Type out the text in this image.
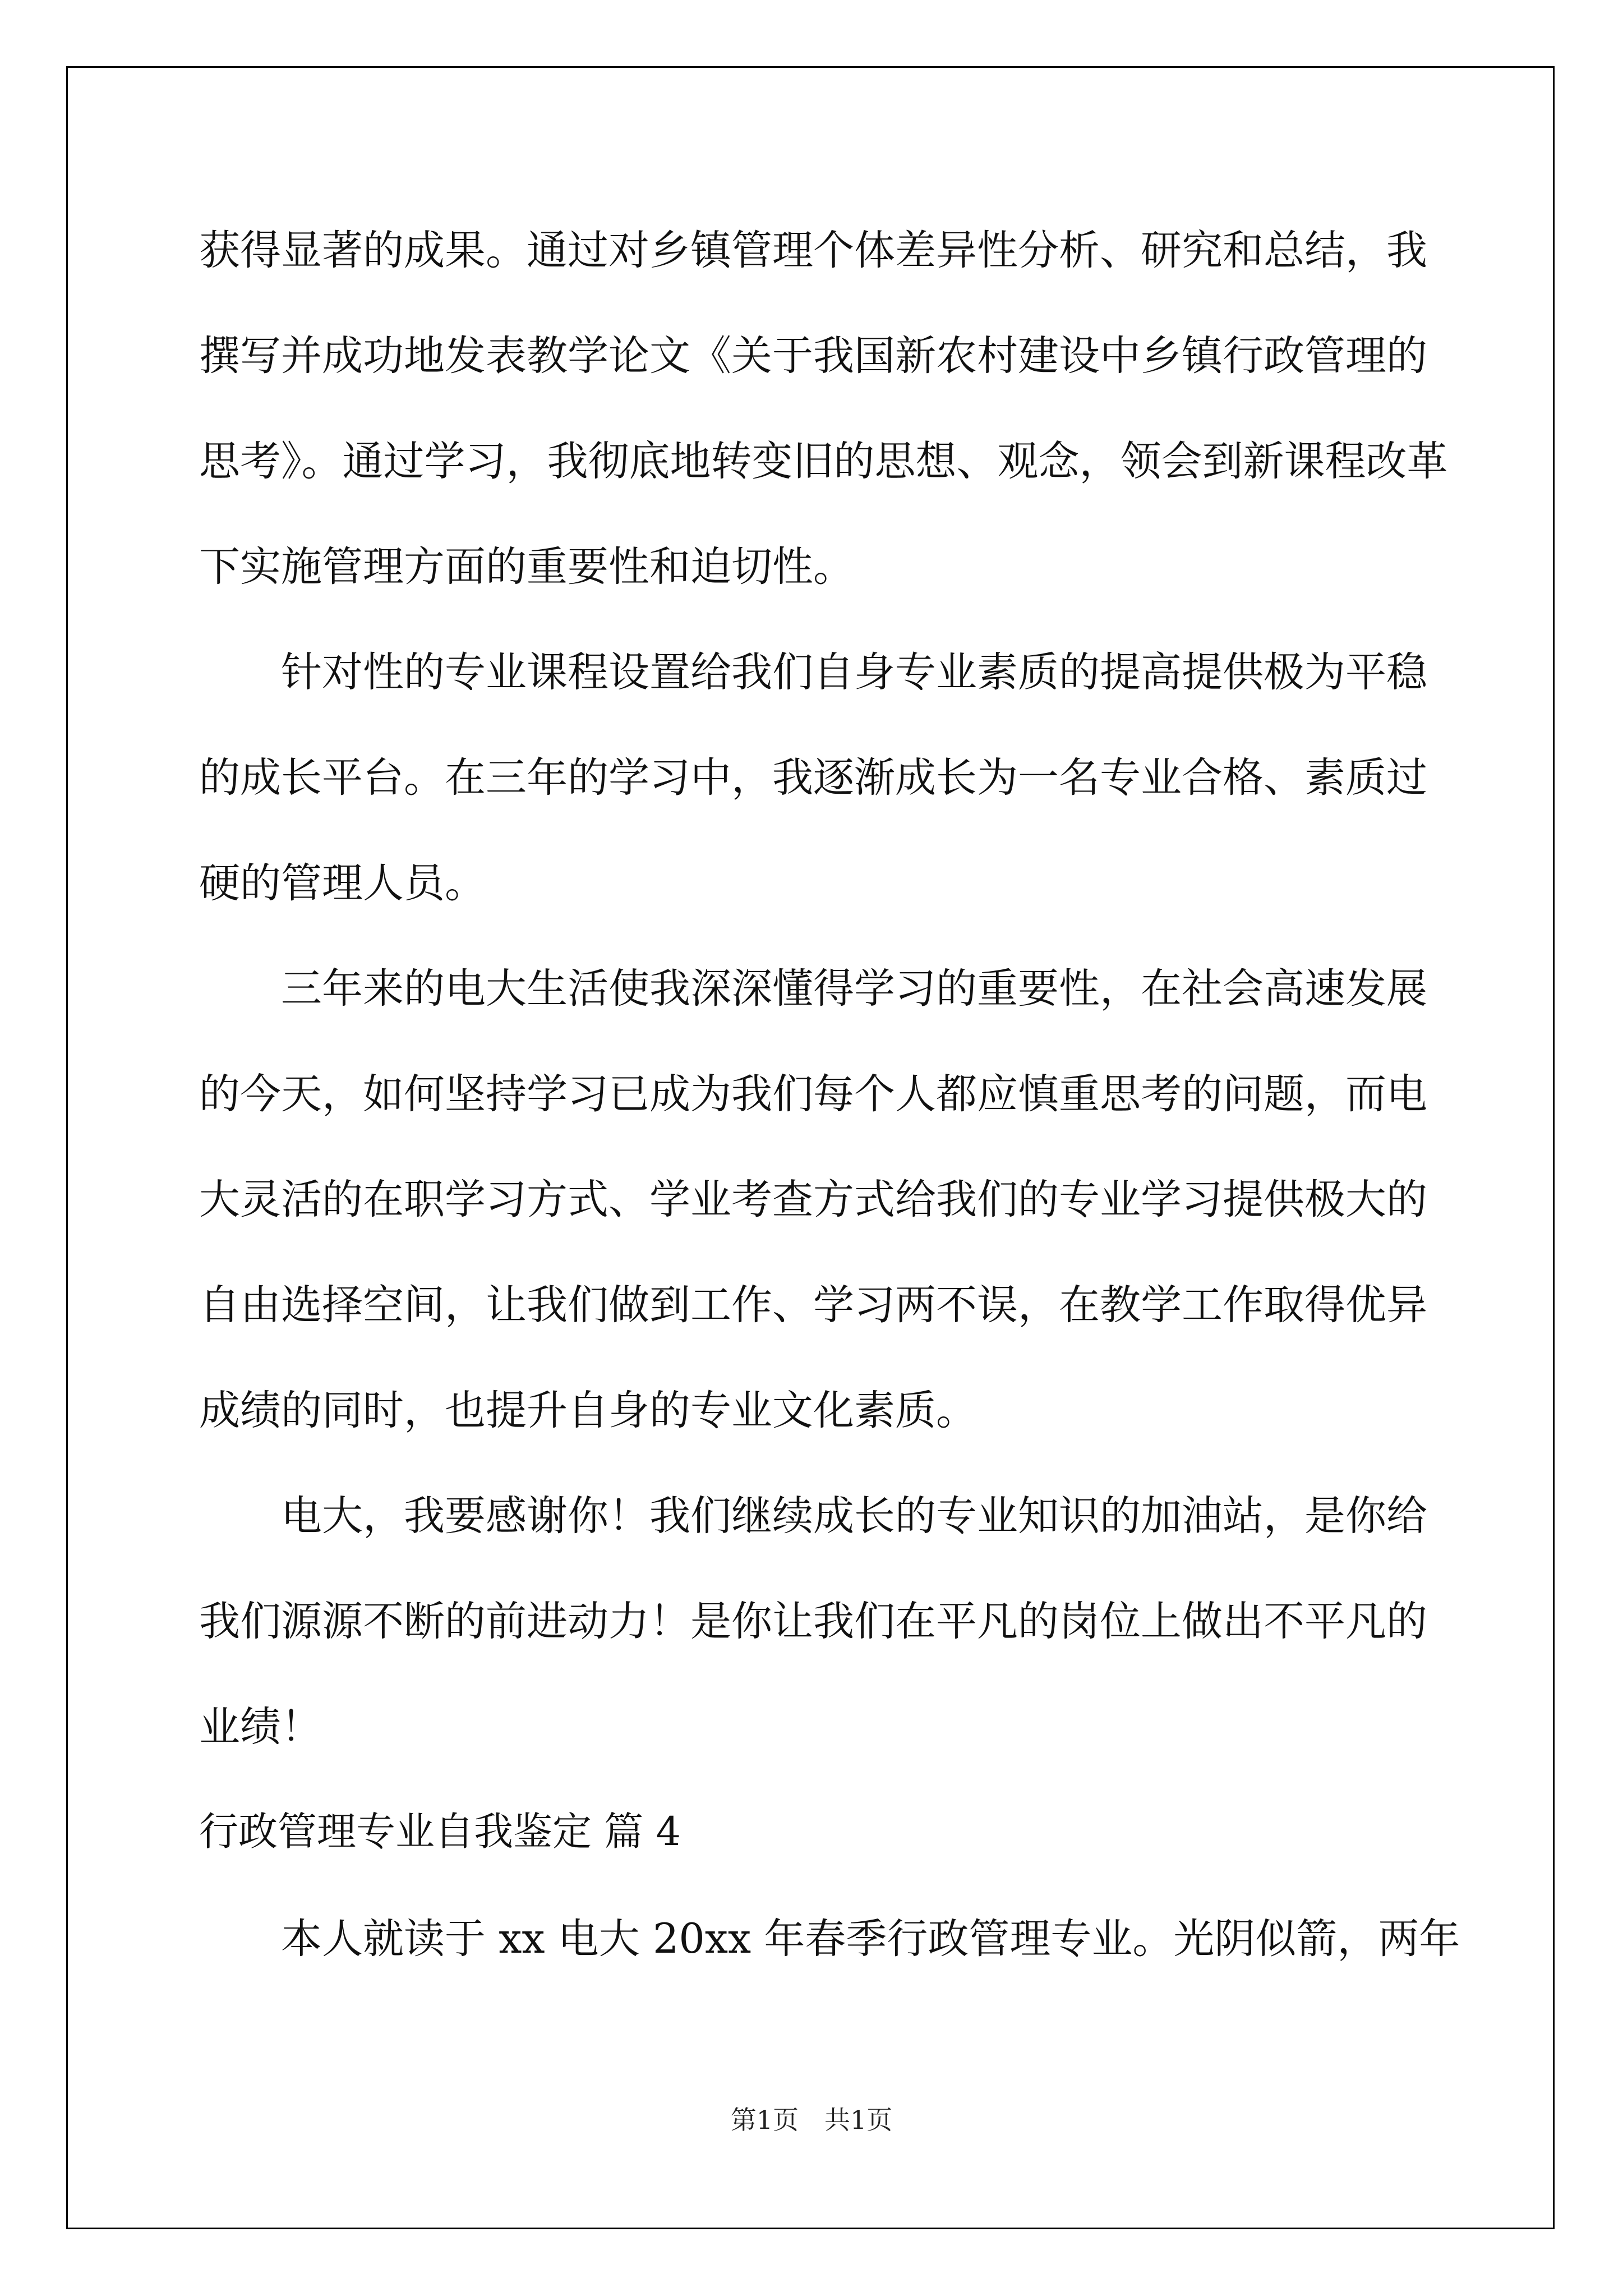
获得显著的成果。通过对乡镇管理个体差异性分析、研究和总结，我
撰写并成功地发表教学论文《关于我国新农村建设中乡镇行政管理的
思考》。通过学习，我彻底地转变旧的思想、观念，领会到新课程改革
下实施管理方面的重要性和迫切性。
针对性的专业课程设置给我们自身专业素质的提高提供极为平稳
的成长平台。在三年的学习中，我逐渐成长为一名专业合格、素质过
硬的管理人员。
三年来的电大生活使我深深懂得学习的重要性，在社会高速发展
的今天，如何坚持学习已成为我们每个人都应慎重思考的问题，而电
大灵活的在职学习方式、学业考查方式给我们的专业学习提供极大的
自由选择空间，让我们做到工作、学习两不误，在教学工作取得优异
成绩的同时，也提升自身的专业文化素质。
电大，我要感谢你！我们继续成长的专业知识的加油站，是你给
我们源源不断的前进动力！是你让我们在平凡的岗位上做出不平凡的
业绩！
行政管理专业自我鉴定 篇 4
本人就读于 xx 电大 20xx 年春季行政管理专业。光阴似箭，两年
第1页　共1页
